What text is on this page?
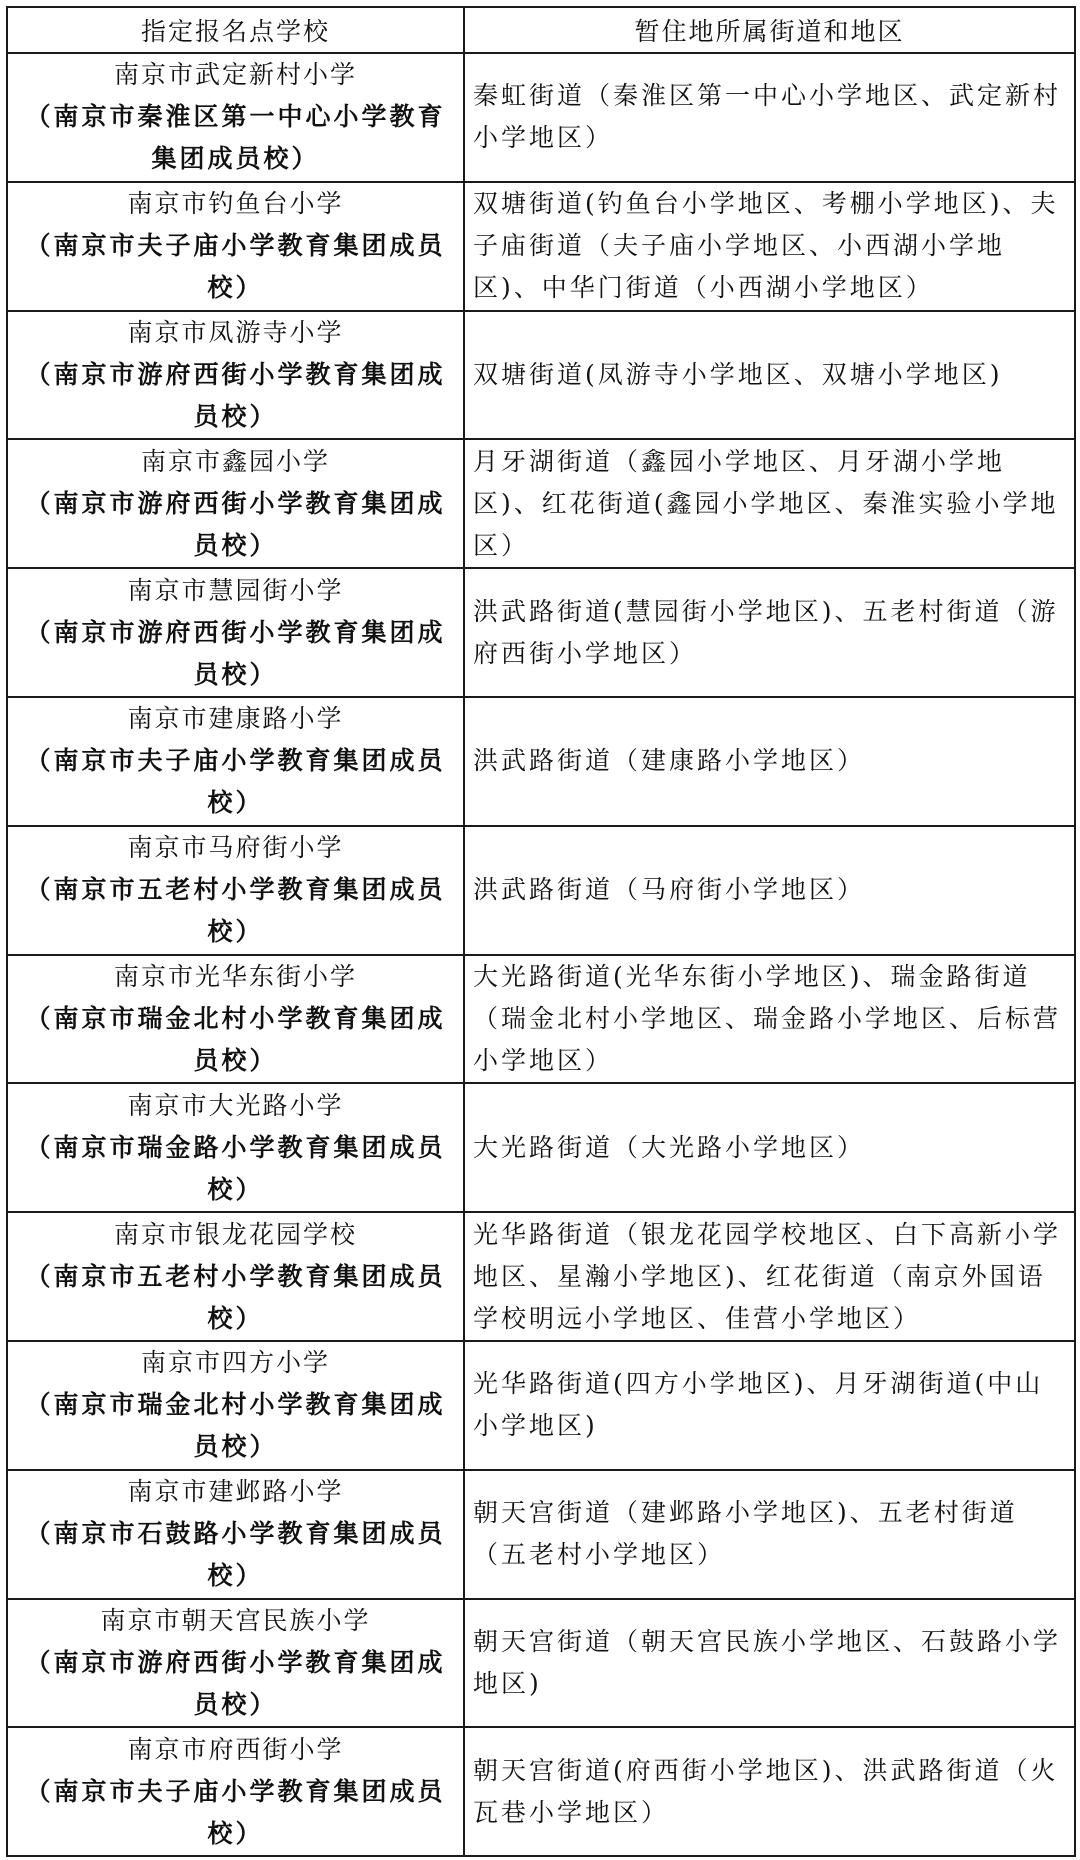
指定报名点学校	暂住地所属街道和地区

南京市武定新村小学
（南京市秦淮区第一中心小学教育集团成员校）	秦虹街道（秦淮区第一中心小学地区、武定新村小学地区）

南京市钓鱼台小学
（南京市夫子庙小学教育集团成员校）	双塘街道(钓鱼台小学地区、考棚小学地区)、夫子庙街道（夫子庙小学地区、小西湖小学地区)、中华门街道（小西湖小学地区）

南京市凤游寺小学
（南京市游府西街小学教育集团成员校）	双塘街道(凤游寺小学地区、双塘小学地区)

南京市鑫园小学
（南京市游府西街小学教育集团成员校）	月牙湖街道（鑫园小学地区、月牙湖小学地区)、红花街道(鑫园小学地区、秦淮实验小学地区）

南京市慧园街小学
（南京市游府西街小学教育集团成员校）	洪武路街道(慧园街小学地区)、五老村街道（游府西街小学地区）

南京市建康路小学
（南京市夫子庙小学教育集团成员校）	洪武路街道（建康路小学地区）

南京市马府街小学
（南京市五老村小学教育集团成员校）	洪武路街道（马府街小学地区）

南京市光华东街小学
（南京市瑞金北村小学教育集团成员校）	大光路街道(光华东街小学地区)、瑞金路街道（瑞金北村小学地区、瑞金路小学地区、后标营小学地区）

南京市大光路小学
（南京市瑞金路小学教育集团成员校）	大光路街道（大光路小学地区）

南京市银龙花园学校
（南京市五老村小学教育集团成员校）	光华路街道（银龙花园学校地区、白下高新小学地区、星瀚小学地区)、红花街道（南京外国语学校明远小学地区、佳营小学地区）

南京市四方小学
（南京市瑞金北村小学教育集团成员校）	光华路街道(四方小学地区)、月牙湖街道(中山小学地区)

南京市建邺路小学
（南京市石鼓路小学教育集团成员校）	朝天宫街道（建邺路小学地区)、五老村街道（五老村小学地区）

南京市朝天宫民族小学
（南京市游府西街小学教育集团成员校）	朝天宫街道（朝天宫民族小学地区、石鼓路小学地区)

南京市府西街小学
（南京市夫子庙小学教育集团成员校）	朝天宫街道(府西街小学地区)、洪武路街道（火瓦巷小学地区）
